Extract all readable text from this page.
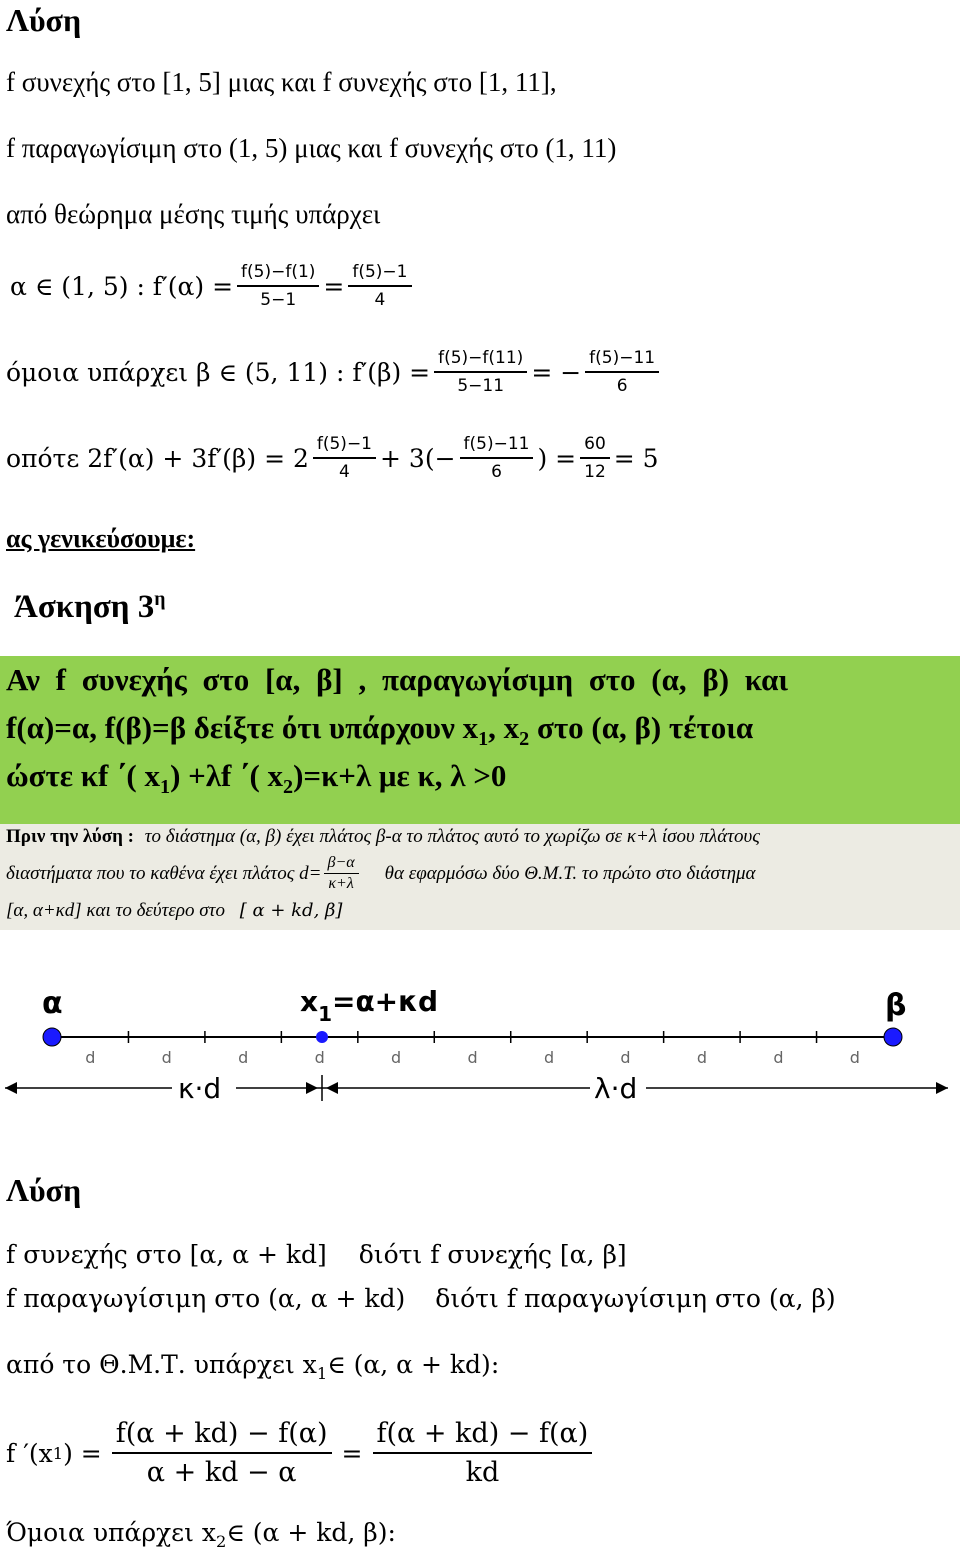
Λύση
f συνεχής στο [1, 5] μιας και f συνεχής στο [1, 11],
f παραγωγίσιμη στο (1, 5) μιας και f συνεχής στο (1, 11)
από θεώρημα μέσης τιμής υπάρχει
α ∈ (1, 5) : $f'(\alpha) = \frac{f(5)-f(1)}{5-1} = \frac{f(5)-1}{4}$
όμοια υπάρχει β ∈ (5, 11) : $f'(\beta) = \frac{f(5)-f(11)}{5-11}$ = − $\frac{f(5)-11}{6}$
οπότε $2f'(\alpha) + 3f'(\beta) = 2 \frac{f(5)-1}{4} + 3(- \frac{f(5)-11}{6}$ ) = $\frac{60}{12} = 5$
ας γενικεύσουμε:
Άσκηση $3^\eta$
Αν f συνεχής στο [α, β] , παραγωγίσιμη στο (α, β) και
f(α)=α, f(β)=β δείξτε ότι υπάρχουν $x_1$, $x_2$ στο (α, β) τέτοια
ώστε κf ΄( $x_1) +\lambda f$ ΄( $x_2)=\kappa+\lambda$ με κ, λ >0
Πριν την λύση : το διάστημα (α, β) έχει πλάτος β-α το πλάτος αυτό το χωρίζω σε κ+λ ίσου πλάτους
διαστήματα που το καθένα έχει πλάτος $d= \frac{\beta-\alpha}{\kappa+\lambda}$ θα εφαρμόσω δύο Θ.Μ.Τ. το πρώτο στο διάστημα
[α, α+κd] και το δεύτερο στο [ α + kd, β]
α	β
$x_1=\alpha+\kappa d$
d	d	d	d	d	d	d	d	d	d	d
κ·d	λ·d
Λύση
f συνεχής στο [α, α + kd] διότι f συνεχής [α, β]
f παραγωγίσιμη στο (α, α + kd) διότι f παραγωγίσιμη στο (α, β)
από το Θ.Μ.Τ. υπάρχει $x_1\in$ (α, α + kd):
f ′(x 1 ) = $\frac{f(\alpha + kd) - f(\alpha)}{\alpha + kd - \alpha} = \frac{f(\alpha + kd) - f(\alpha)}{kd}$
Όμοια υπάρχει $x_2\in$ (α + kd, β):
